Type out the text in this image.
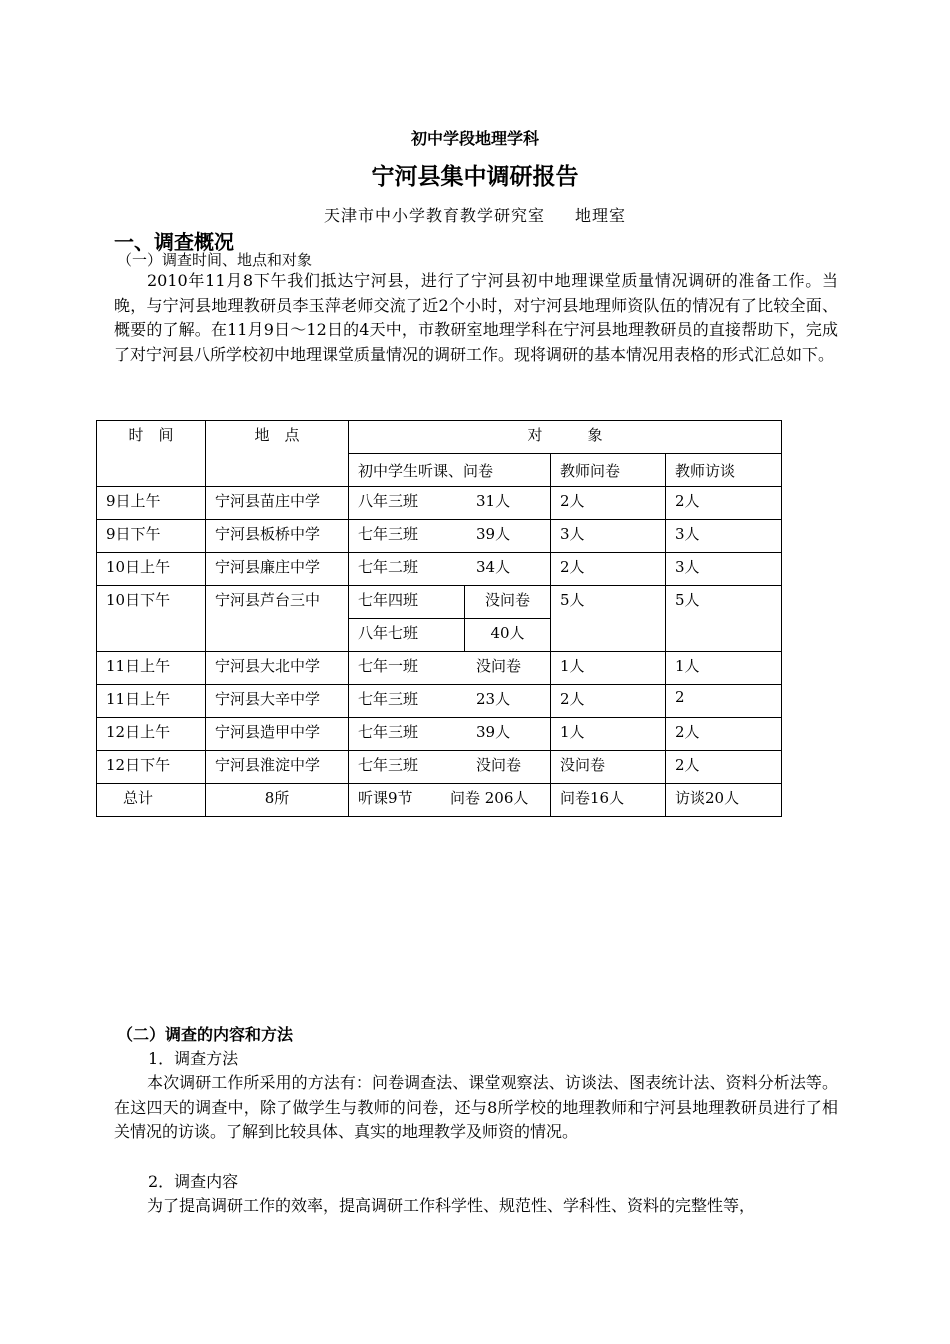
初中学段地理学科
宁河县集中调研报告
天津市中小学教育教学研究室 地理室
一、调查概况
（一）调查时间、地点和对象
2010年11月8下午我们抵达宁河县，进行了宁河县初中地理课堂质量情况调研的准备工作。当晚，与宁河县地理教研员李玉萍老师交流了近2个小时，对宁河县地理师资队伍的情况有了比较全面、概要的了解。在11月9日～12日的4天中，市教研室地理学科在宁河县地理教研员的直接帮助下，完成了对宁河县八所学校初中地理课堂质量情况的调研工作。现将调研的基本情况用表格的形式汇总如下。
时　间	地　点	对　　　象			
		初中学生听课、问卷		教师问卷	教师访谈
9日上午	宁河县苗庄中学	八年三班 31人		2人	2人
9日下午	宁河县板桥中学	七年三班 39人		3人	3人
10日上午	宁河县廉庄中学	七年二班 34人		2人	3人
10日下午	宁河县芦台三中	七年四班	没问卷	5人	5人
		八年七班	40人		
11日上午	宁河县大北中学	七年一班 没问卷		1人	1人
11日上午	宁河县大辛中学	七年三班 23人		2人	2
12日上午	宁河县造甲中学	七年三班 39人		1人	2人
12日下午	宁河县淮淀中学	七年三班 没问卷		没问卷	2人
总计	8所	听课9节 问卷 206人		问卷16人	访谈20人
（二）调查的内容和方法
1．调查方法
本次调研工作所采用的方法有：问卷调查法、课堂观察法、访谈法、图表统计法、资料分析法等。在这四天的调查中，除了做学生与教师的问卷，还与8所学校的地理教师和宁河县地理教研员进行了相关情况的访谈。了解到比较具体、真实的地理教学及师资的情况。
2．调查内容
为了提高调研工作的效率，提高调研工作科学性、规范性、学科性、资料的完整性等，
